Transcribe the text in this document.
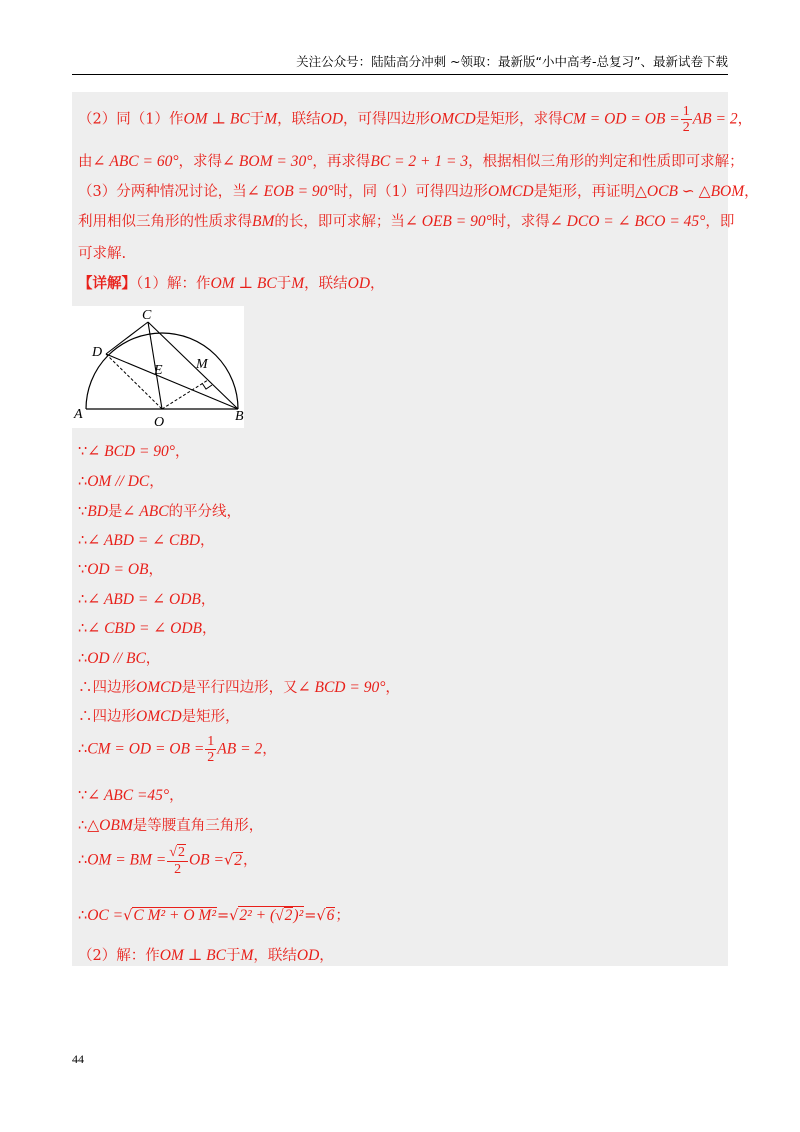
关注公众号：陆陆高分冲刺 ~领取：最新版“小中高考-总复习”、最新试卷下载
（2）同（1）作OM ⊥ BC于M，联结OD，可得四边形OMCD是矩形，求得CM = OD = OB = $\frac{1}{2}$ AB = 2，
由∠ ABC = 60°，求得∠ BOM = 30°，再求得BC = 2 + 1 = 3，根据相似三角形的判定和性质即可求解；
（3）分两种情况讨论，当∠ EOB = 90°时，同（1）可得四边形OMCD是矩形，再证明△OCB ∽ △BOM，
利用相似三角形的性质求得BM的长，即可求解；当∠ OEB = 90°时，求得∠ DCO = ∠ BCO = 45°，即
可求解.
【详解】（1）解：作OM ⊥ BC于M，联结OD，
A	B
C
D
E M
O
∵∠ BCD = 90°，
∴OM // DC，
∵BD是∠ ABC的平分线，
∴∠ ABD = ∠ CBD，
∵OD = OB，
∴∠ ABD = ∠ ODB，
∴∠ CBD = ∠ ODB，
∴OD // BC，
∴四边形OMCD是平行四边形，又∠ BCD = 90°，
∴四边形OMCD是矩形，
∴CM = OD = OB = $\frac{1}{2}$ AB = 2，
∵∠ ABC =45°，
∴△OBM是等腰直角三角形，
∴OM = BM = $\frac{√2}{2}$ OB =√2，
∴OC =√C M² + O M²=√2² + (√2)²=√6；
（2）解：作OM ⊥ BC于M，联结OD，
44
